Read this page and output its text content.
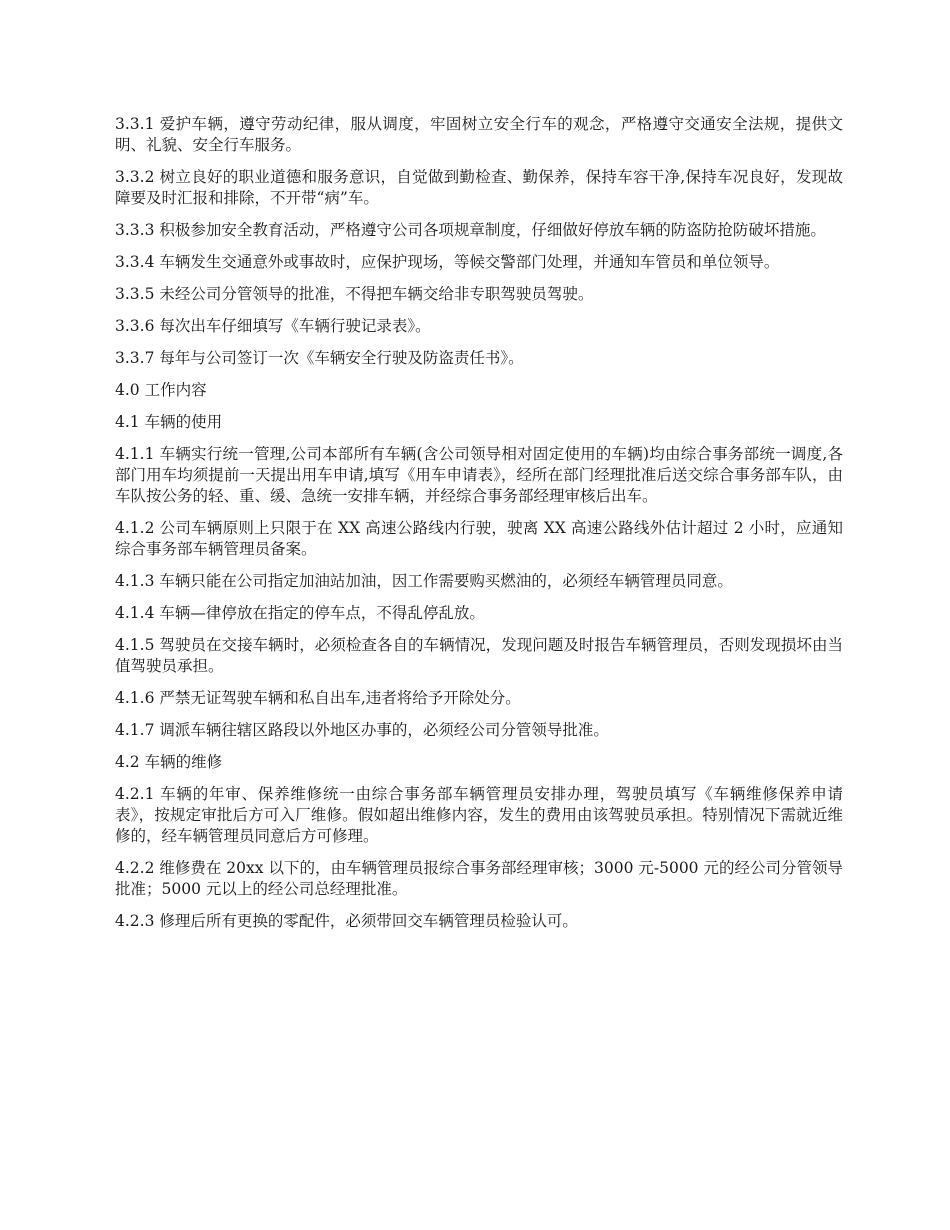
3.3.1 爱护车辆，遵守劳动纪律，服从调度，牢固树立安全行车的观念，严格遵守交通安全法规，提供文明、礼貌、安全行车服务。

3.3.2 树立良好的职业道德和服务意识，自觉做到勤检查、勤保养，保持车容干净,保持车况良好，发现故障要及时汇报和排除，不开带“病”车。

3.3.3 积极参加安全教育活动，严格遵守公司各项规章制度，仔细做好停放车辆的防盗防抢防破坏措施。

3.3.4 车辆发生交通意外或事故时，应保护现场，等候交警部门处理，并通知车管员和单位领导。

3.3.5 未经公司分管领导的批准，不得把车辆交给非专职驾驶员驾驶。

3.3.6 每次出车仔细填写《车辆行驶记录表》。

3.3.7 每年与公司签订一次《车辆安全行驶及防盗责任书》。

4.0 工作内容

4.1 车辆的使用

4.1.1 车辆实行统一管理,公司本部所有车辆(含公司领导相对固定使用的车辆)均由综合事务部统一调度,各部门用车均须提前一天提出用车申请,填写《用车申请表》，经所在部门经理批准后送交综合事务部车队，由车队按公务的轻、重、缓、急统一安排车辆，并经综合事务部经理审核后出车。

4.1.2 公司车辆原则上只限于在 XX 高速公路线内行驶，驶离 XX 高速公路线外估计超过 2 小时，应通知综合事务部车辆管理员备案。

4.1.3 车辆只能在公司指定加油站加油，因工作需要购买燃油的，必须经车辆管理员同意。

4.1.4 车辆—律停放在指定的停车点，不得乱停乱放。

4.1.5 驾驶员在交接车辆时，必须检查各自的车辆情况，发现问题及时报告车辆管理员，否则发现损坏由当值驾驶员承担。

4.1.6 严禁无证驾驶车辆和私自出车,违者将给予开除处分。

4.1.7 调派车辆往辖区路段以外地区办事的，必须经公司分管领导批准。

4.2 车辆的维修

4.2.1 车辆的年审、保养维修统一由综合事务部车辆管理员安排办理，驾驶员填写《车辆维修保养申请表》，按规定审批后方可入厂维修。假如超出维修内容，发生的费用由该驾驶员承担。特别情况下需就近维修的，经车辆管理员同意后方可修理。

4.2.2 维修费在 20xx 以下的，由车辆管理员报综合事务部经理审核；3000 元-5000 元的经公司分管领导批准；5000 元以上的经公司总经理批准。

4.2.3 修理后所有更换的零配件，必须带回交车辆管理员检验认可。
